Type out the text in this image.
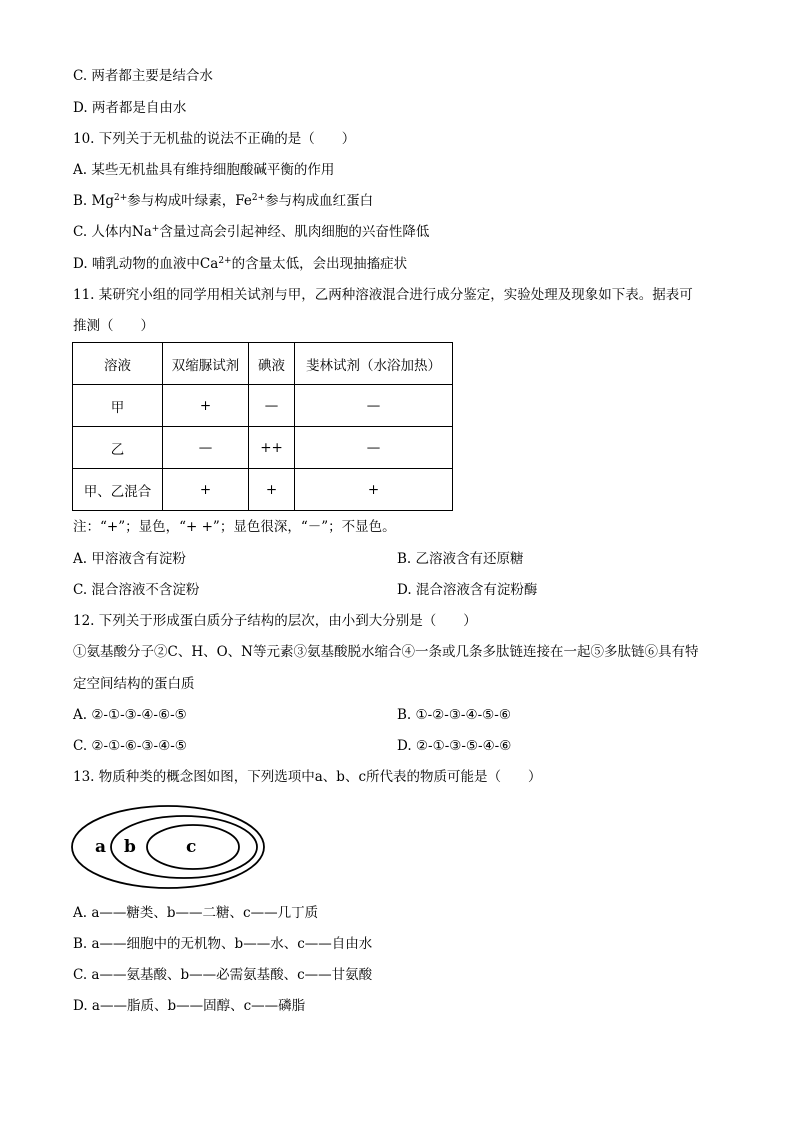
C. 两者都主要是结合水
D. 两者都是自由水
10. 下列关于无机盐的说法不正确的是（　　）
A. 某些无机盐具有维持细胞酸碱平衡的作用
B. $Mg^{2+}$参与构成叶绿素，$Fe^{2+}$参与构成血红蛋白
C. 人体内Na+含量过高会引起神经、肌肉细胞的兴奋性降低
D. 哺乳动物的血液中$Ca^{2+}$的含量太低，会出现抽搐症状
11. 某研究小组的同学用相关试剂与甲，乙两种溶液混合进行成分鉴定，实验处理及现象如下表。据表可
推测（　　）
溶液	双缩脲试剂	碘液	斐林试剂（水浴加热）
甲	+	—	—
乙	—	++	—
甲、乙混合	+	+	+
注：“+”；显色，“+ +”；显色很深，“－”；不显色。
A. 甲溶液含有淀粉	B. 乙溶液含有还原糖
C. 混合溶液不含淀粉	D. 混合溶液含有淀粉酶
12. 下列关于形成蛋白质分子结构的层次，由小到大分别是（　　）
①氨基酸分子②C、H、O、N等元素③氨基酸脱水缩合④一条或几条多肽链连接在一起⑤多肽链⑥具有特
定空间结构的蛋白质
A. ②-①-③-④-⑥-⑤	B. ①-②-③-④-⑤-⑥
C. ②-①-⑥-③-④-⑤	D. ②-①-③-⑤-④-⑥
13. 物质种类的概念图如图，下列选项中a、b、c所代表的物质可能是（　　）
a b	c
A. a——糖类、b——二糖、c——几丁质
B. a——细胞中的无机物、b——水、c——自由水
C. a——氨基酸、b——必需氨基酸、c——甘氨酸
D. a——脂质、b——固醇、c——磷脂
